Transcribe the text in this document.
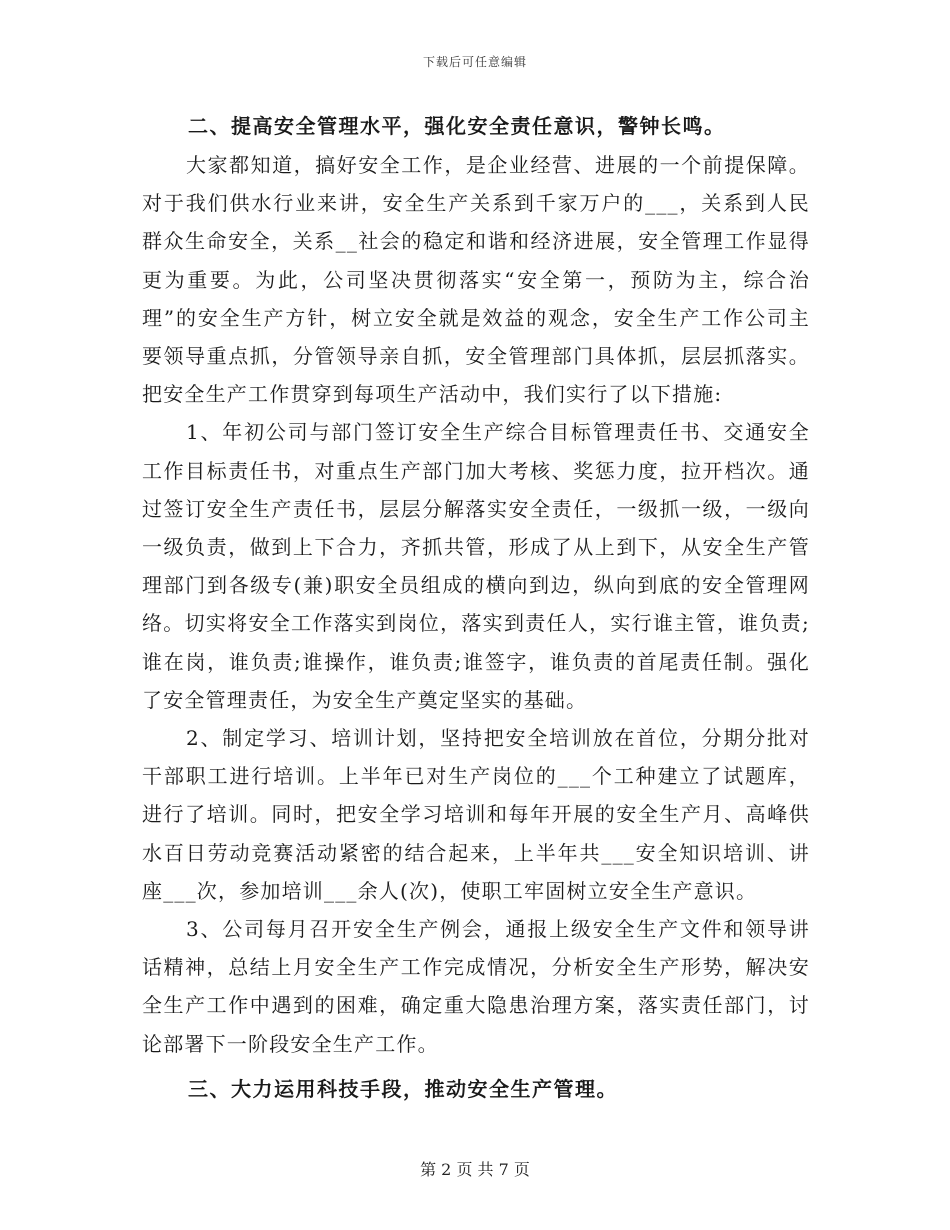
下载后可任意编辑

二、提高安全管理水平，强化安全责任意识，警钟长鸣。

大家都知道，搞好安全工作，是企业经营、进展的一个前提保障。对于我们供水行业来讲，安全生产关系到千家万户的___，关系到人民群众生命安全，关系__社会的稳定和谐和经济进展，安全管理工作显得更为重要。为此，公司坚决贯彻落实“安全第一，预防为主，综合治理”的安全生产方针，树立安全就是效益的观念，安全生产工作公司主要领导重点抓，分管领导亲自抓，安全管理部门具体抓，层层抓落实。把安全生产工作贯穿到每项生产活动中，我们实行了以下措施:

1、年初公司与部门签订安全生产综合目标管理责任书、交通安全工作目标责任书，对重点生产部门加大考核、奖惩力度，拉开档次。通过签订安全生产责任书，层层分解落实安全责任，一级抓一级，一级向一级负责，做到上下合力，齐抓共管，形成了从上到下，从安全生产管理部门到各级专(兼)职安全员组成的横向到边，纵向到底的安全管理网络。切实将安全工作落实到岗位，落实到责任人，实行谁主管，谁负责;谁在岗，谁负责;谁操作，谁负责;谁签字，谁负责的首尾责任制。强化了安全管理责任，为安全生产奠定坚实的基础。

2、制定学习、培训计划，坚持把安全培训放在首位，分期分批对干部职工进行培训。上半年已对生产岗位的___个工种建立了试题库，进行了培训。同时，把安全学习培训和每年开展的安全生产月、高峰供水百日劳动竞赛活动紧密的结合起来，上半年共___安全知识培训、讲座___次，参加培训___余人(次)，使职工牢固树立安全生产意识。

3、公司每月召开安全生产例会，通报上级安全生产文件和领导讲话精神，总结上月安全生产工作完成情况，分析安全生产形势，解决安全生产工作中遇到的困难，确定重大隐患治理方案，落实责任部门，讨论部署下一阶段安全生产工作。

三、大力运用科技手段，推动安全生产管理。

第 2 页 共 7 页
